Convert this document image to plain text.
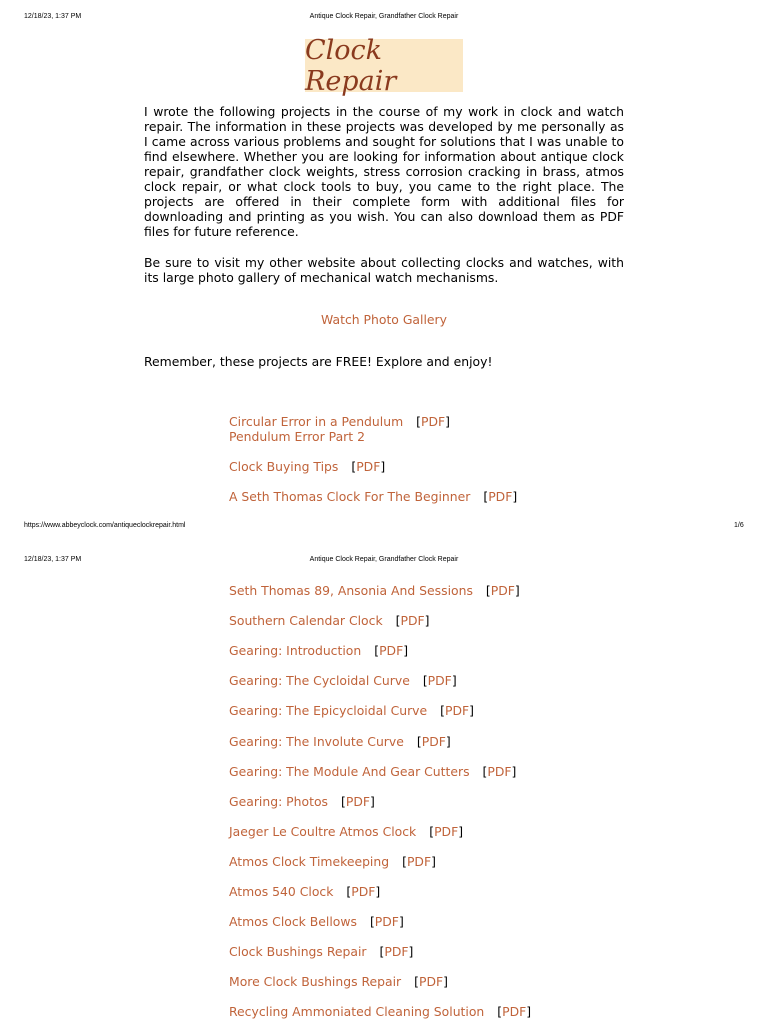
12/18/23, 1:37 PM	Antique Clock Repair, Grandfather Clock Repair
Clock Repair

I wrote the following projects in the course of my work in clock and watch repair. The information in these projects was developed by me personally as I came across various problems and sought for solutions that I was unable to find elsewhere. Whether you are looking for information about antique clock repair, grandfather clock weights, stress corrosion cracking in brass, atmos clock repair, or what clock tools to buy, you came to the right place. The projects are offered in their complete form with additional files for downloading and printing as you wish. You can also download them as PDF files for future reference.

Be sure to visit my other website about collecting clocks and watches, with its large photo gallery of mechanical watch mechanisms.

Watch Photo Gallery
Remember, these projects are FREE! Explore and enjoy!
Circular Error in a Pendulum [PDF]
Pendulum Error Part 2
Clock Buying Tips [PDF]
A Seth Thomas Clock For The Beginner [PDF]
https://www.abbeyclock.com/antiqueclockrepair.html	1/6
12/18/23, 1:37 PM	Antique Clock Repair, Grandfather Clock Repair
Seth Thomas 89, Ansonia And Sessions [PDF]
Southern Calendar Clock [PDF]
Gearing: Introduction [PDF]
Gearing: The Cycloidal Curve [PDF]
Gearing: The Epicycloidal Curve [PDF]
Gearing: The Involute Curve [PDF]
Gearing: The Module And Gear Cutters [PDF]
Gearing: Photos [PDF]
Jaeger Le Coultre Atmos Clock [PDF]
Atmos Clock Timekeeping [PDF]
Atmos 540 Clock [PDF]
Atmos Clock Bellows [PDF]
Clock Bushings Repair [PDF]
More Clock Bushings Repair [PDF]
Recycling Ammoniated Cleaning Solution [PDF]
